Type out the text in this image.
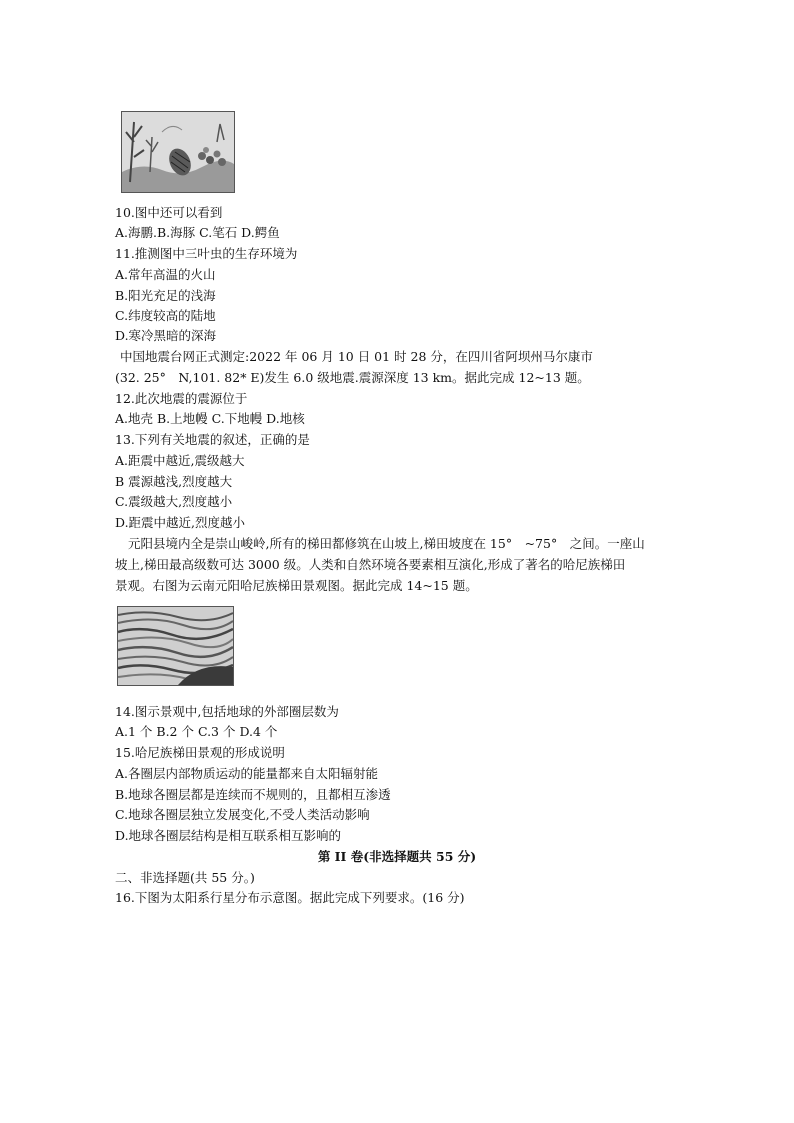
10.图中还可以看到
A.海鹏.B.海豚 C.笔石 D.鳄鱼
11.推测图中三叶虫的生存环境为
A.常年高温的火山
B.阳光充足的浅海
C.纬度较高的陆地
D.寒冷黑暗的深海
中国地震台网正式测定:2022 年 06 月 10 日 01 时 28 分，在四川省阿坝州马尔康市
(32. 25°　N,101. 82* E)发生 6.0 级地震.震源深度 13 km。据此完成 12~13 题。
12.此次地震的震源位于
A.地壳 B.上地幔 C.下地幔 D.地核
13.下列有关地震的叙述，正确的是
A.距震中越近,震级越大
B 震源越浅,烈度越大
C.震级越大,烈度越小
D.距震中越近,烈度越小
元阳县境内全是崇山峻岭,所有的梯田都修筑在山坡上,梯田坡度在 15°　~75°　之间。一座山
坡上,梯田最高级数可达 3000 级。人类和自然环境各要素相互演化,形成了著名的哈尼族梯田
景观。右图为云南元阳哈尼族梯田景观图。据此完成 14~15 题。
14.图示景观中,包括地球的外部圈层数为
A.1 个 B.2 个 C.3 个 D.4 个
15.哈尼族梯田景观的形成说明
A.各圈层内部物质运动的能量都来自太阳辐射能
B.地球各圈层都是连续而不规则的，且都相互渗透
C.地球各圈层独立发展变化,不受人类活动影响
D.地球各圈层结构是相互联系相互影响的
第 II 卷(非选择题共 55 分)
二、非选择题(共 55 分。)
16.下图为太阳系行星分布示意图。据此完成下列要求。(16 分)
